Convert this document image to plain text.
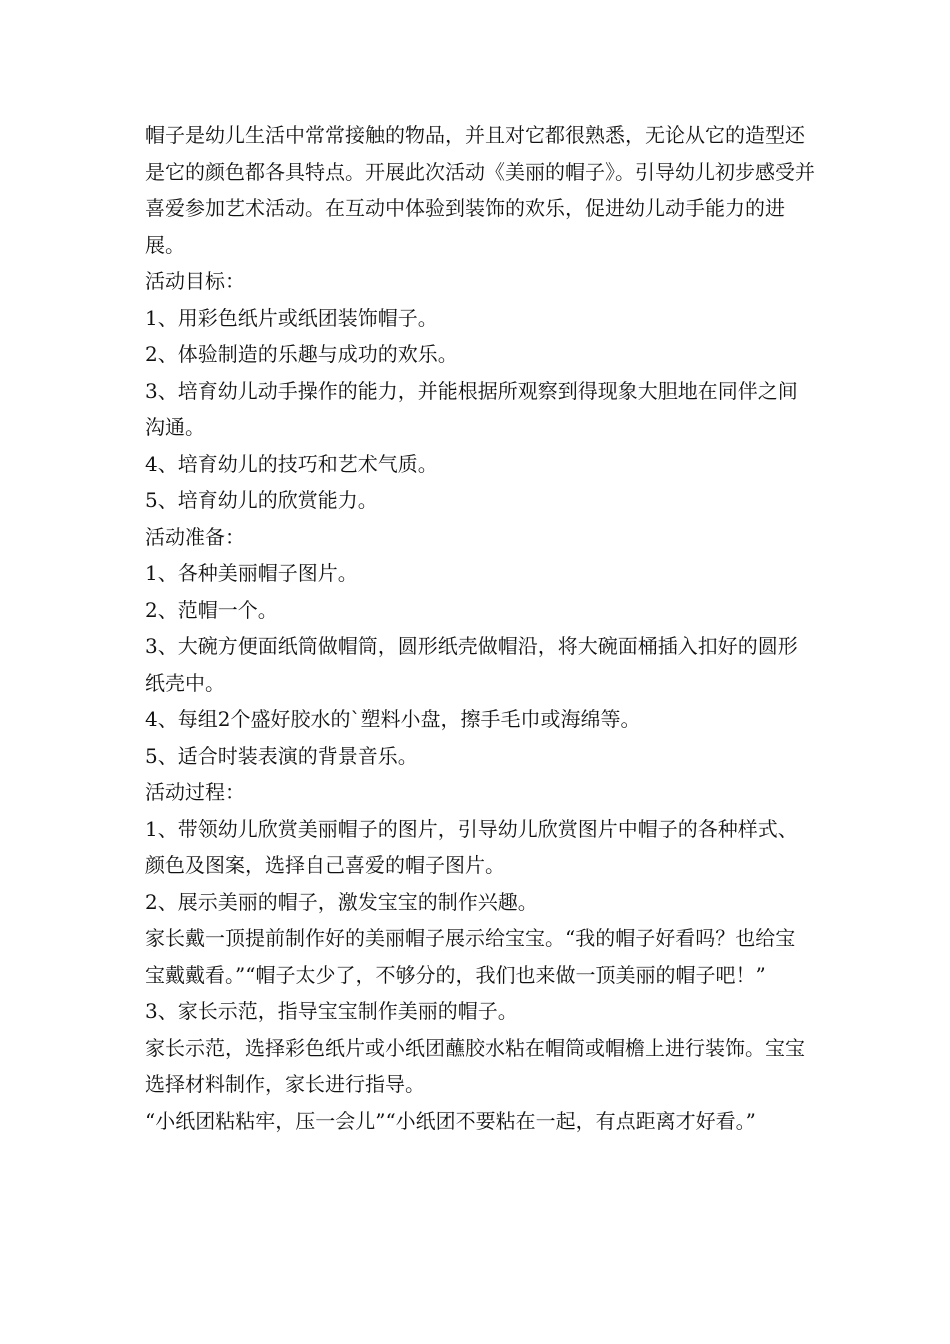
帽子是幼儿生活中常常接触的物品，并且对它都很熟悉，无论从它的造型还是它的颜色都各具特点。开展此次活动《美丽的帽子》。引导幼儿初步感受并喜爱参加艺术活动。在互动中体验到装饰的欢乐，促进幼儿动手能力的进展。

活动目标：

1、用彩色纸片或纸团装饰帽子。

2、体验制造的乐趣与成功的欢乐。

3、培育幼儿动手操作的能力，并能根据所观察到得现象大胆地在同伴之间沟通。

4、培育幼儿的技巧和艺术气质。

5、培育幼儿的欣赏能力。

活动准备：

1、各种美丽帽子图片。

2、范帽一个。

3、大碗方便面纸筒做帽筒，圆形纸壳做帽沿，将大碗面桶插入扣好的圆形纸壳中。

4、每组2个盛好胶水的`塑料小盘，擦手毛巾或海绵等。

5、适合时装表演的背景音乐。

活动过程：

1、带领幼儿欣赏美丽帽子的图片，引导幼儿欣赏图片中帽子的各种样式、颜色及图案，选择自己喜爱的帽子图片。

2、展示美丽的帽子，激发宝宝的制作兴趣。

家长戴一顶提前制作好的美丽帽子展示给宝宝。“我的帽子好看吗？也给宝宝戴戴看。”“帽子太少了，不够分的，我们也来做一顶美丽的帽子吧！”

3、家长示范，指导宝宝制作美丽的帽子。

家长示范，选择彩色纸片或小纸团蘸胶水粘在帽筒或帽檐上进行装饰。宝宝选择材料制作，家长进行指导。

“小纸团粘粘牢，压一会儿”“小纸团不要粘在一起，有点距离才好看。”
